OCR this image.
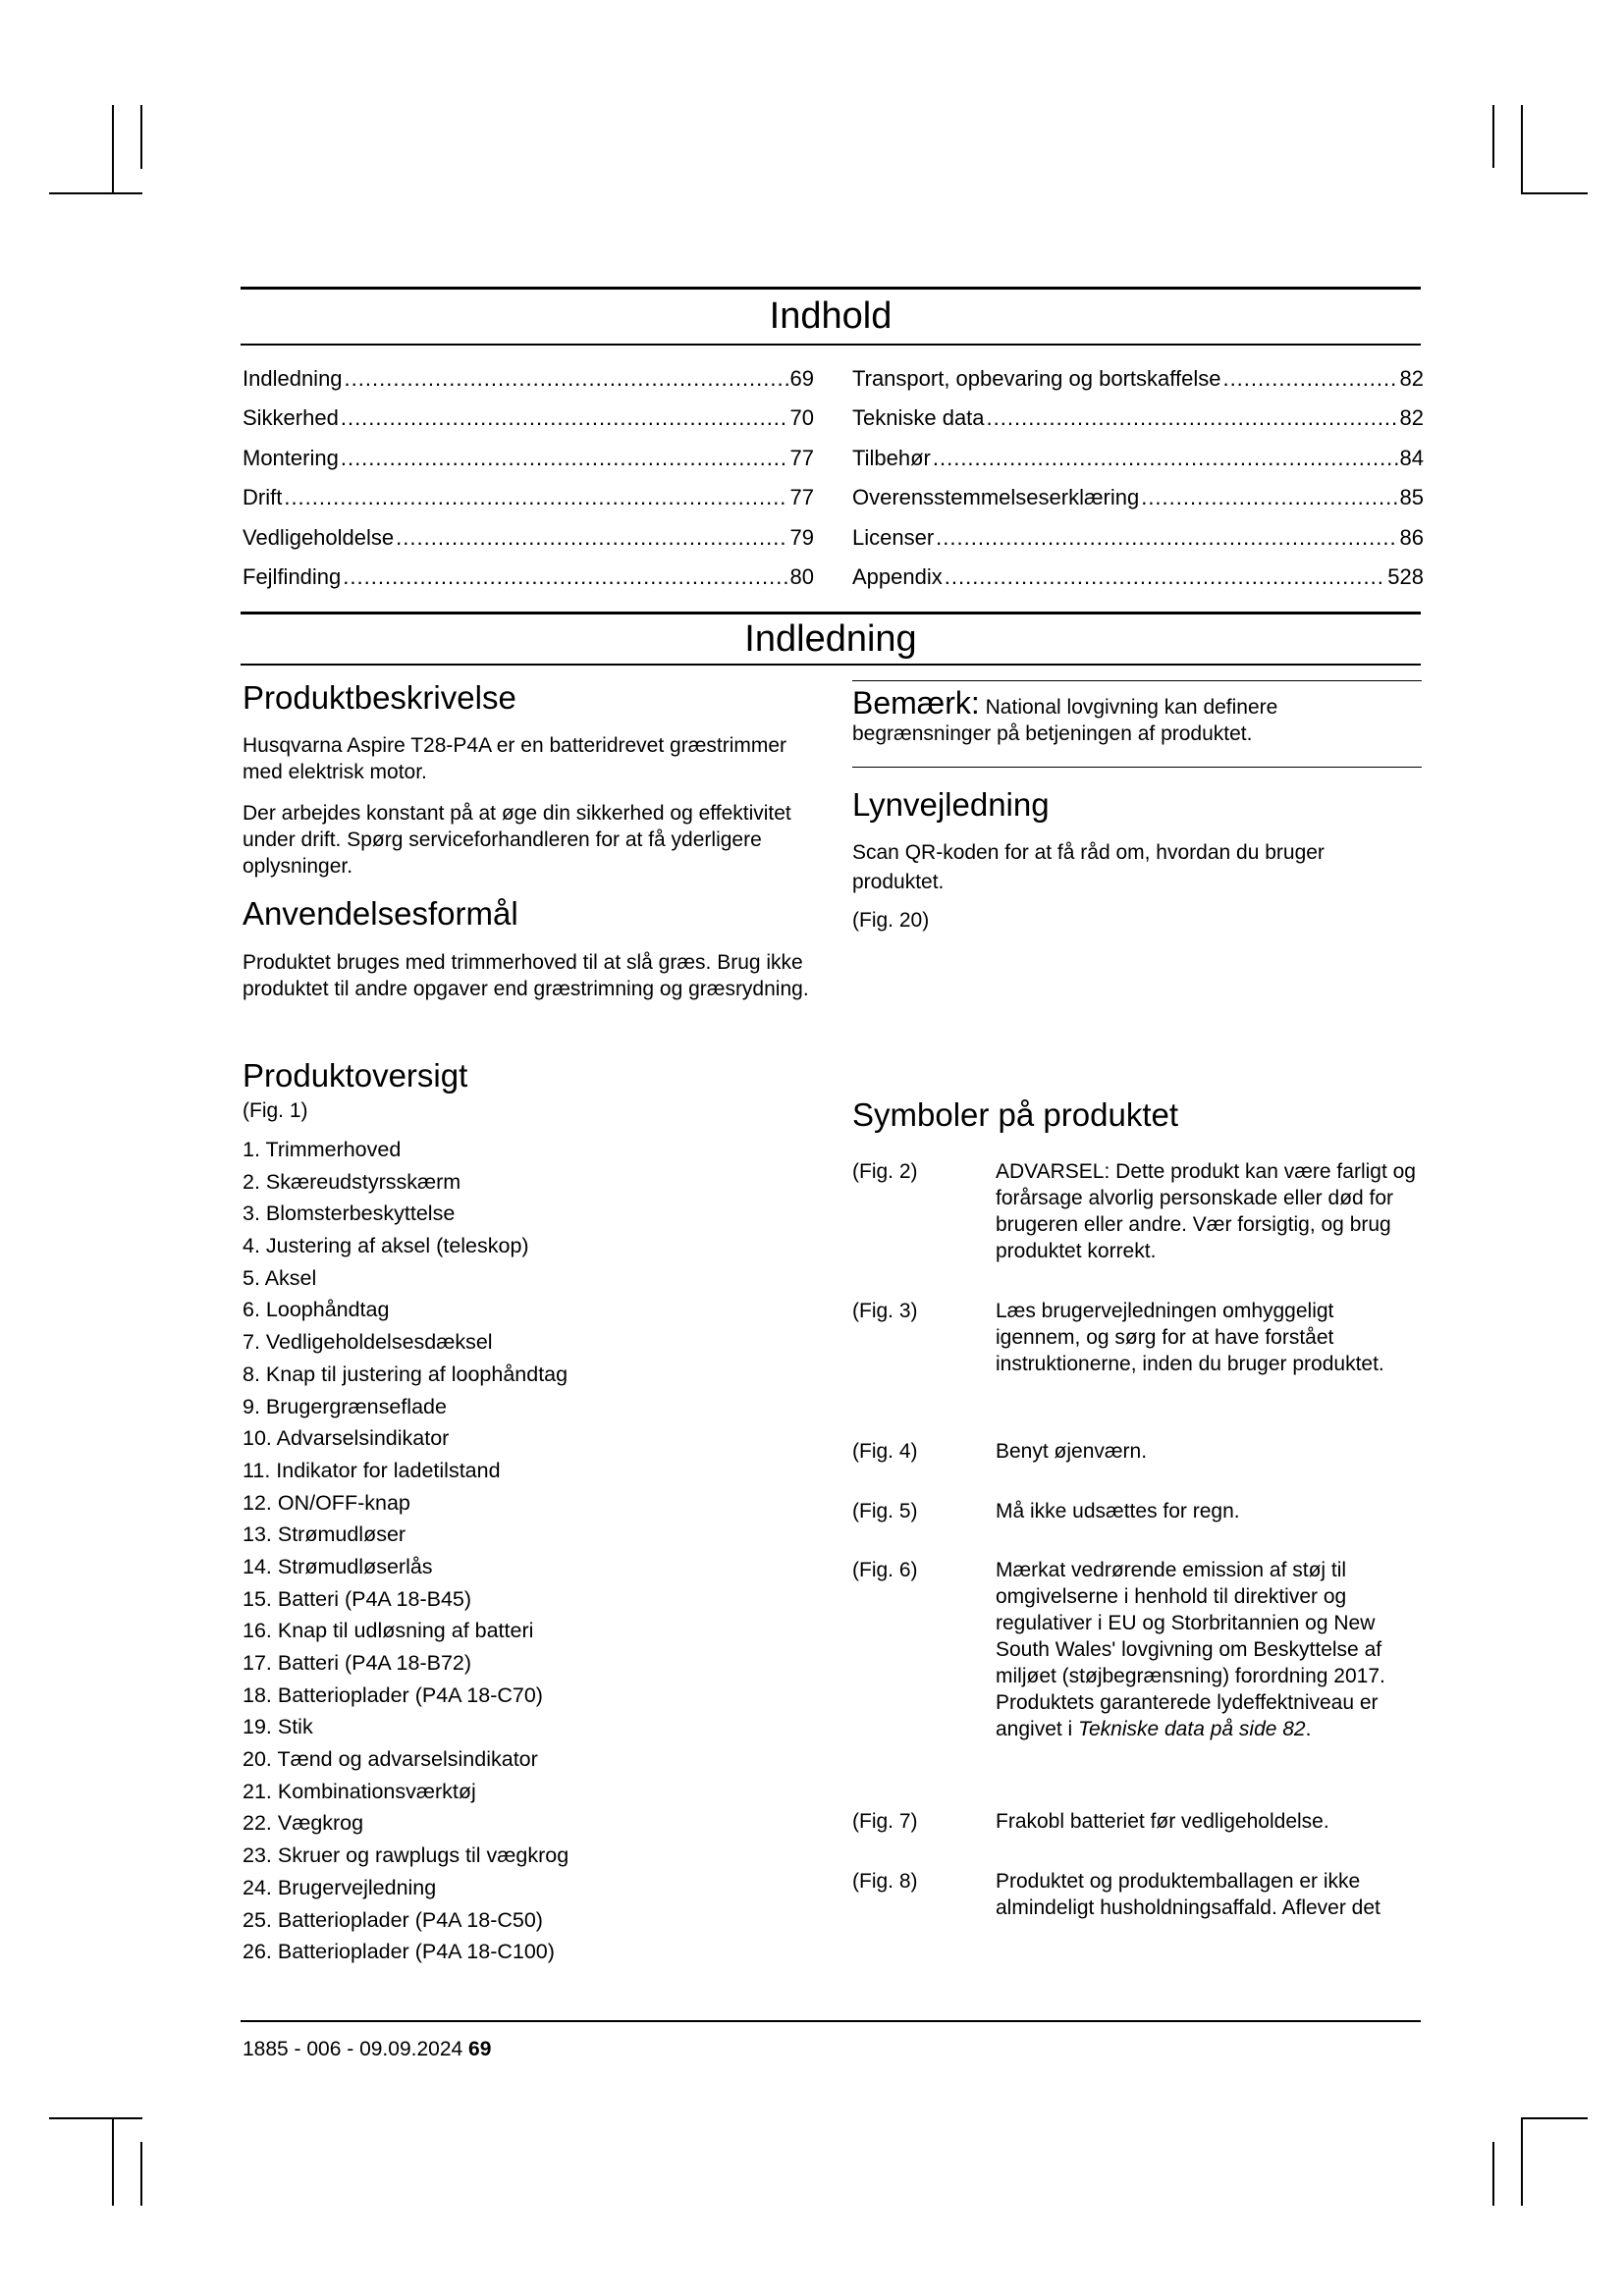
Indhold
Indledning .....	69
Sikkerhed .....	70
Montering .....	77
Drift .....	77
Vedligeholdelse .....	79
Fejlfinding .....	80
Transport, opbevaring og bortskaffelse .....	82
Tekniske data .....	82
Tilbehør .....	84
Overensstemmelseserklæring .....	85
Licenser .....	86
Appendix .....	528
Indledning
Produktbeskrivelse

Husqvarna Aspire T28-P4A er en batteridrevet græstrimmer med elektrisk motor.

Der arbejdes konstant på at øge din sikkerhed og effektivitet under drift. Spørg serviceforhandleren for at få yderligere oplysninger.

Anvendelsesformål

Produktet bruges med trimmerhoved til at slå græs. Brug ikke produktet til andre opgaver end græstrimning og græsrydning.

Produktoversigt
(Fig. 1)
1. Trimmerhoved
2. Skæreudstyrsskærm
3. Blomsterbeskyttelse
4. Justering af aksel (teleskop)
5. Aksel
6. Loophåndtag
7. Vedligeholdelsesdæksel
8. Knap til justering af loophåndtag
9. Brugergrænseflade
10. Advarselsindikator
11. Indikator for ladetilstand
12. ON/OFF-knap
13. Strømudløser
14. Strømudløserlås
15. Batteri (P4A 18-B45)
16. Knap til udløsning af batteri
17. Batteri (P4A 18-B72)
18. Batterioplader (P4A 18-C70)
19. Stik
20. Tænd og advarselsindikator
21. Kombinationsværktøj
22. Vægkrog
23. Skruer og rawplugs til vægkrog
24. Brugervejledning
25. Batterioplader (P4A 18-C50)
26. Batterioplader (P4A 18-C100)

Bemærk: National lovgivning kan definere begrænsninger på betjeningen af produktet.

Lynvejledning

Scan QR-koden for at få råd om, hvordan du bruger produktet.

(Fig. 20)
Symboler på produktet
(Fig. 2)	ADVARSEL: Dette produkt kan være farligt og forårsage alvorlig personskade eller død for brugeren eller andre. Vær forsigtig, og brug produktet korrekt.
(Fig. 3)	Læs brugervejledningen omhyggeligt igennem, og sørg for at have forstået instruktionerne, inden du bruger produktet.
(Fig. 4)	Benyt øjenværn.
(Fig. 5)	Må ikke udsættes for regn.
(Fig. 6)	Mærkat vedrørende emission af støj til omgivelserne i henhold til direktiver og regulativer i EU og Storbritannien og New South Wales' lovgivning om Beskyttelse af miljøet (støjbegrænsning) forordning 2017. Produktets garanterede lydeffektniveau er angivet i Tekniske data på side 82.
(Fig. 7)	Frakobl batteriet før vedligeholdelse.
(Fig. 8)	Produktet og produktemballagen er ikke almindeligt husholdningsaffald. Aflever det
1885 - 006 - 09.09.2024 69
